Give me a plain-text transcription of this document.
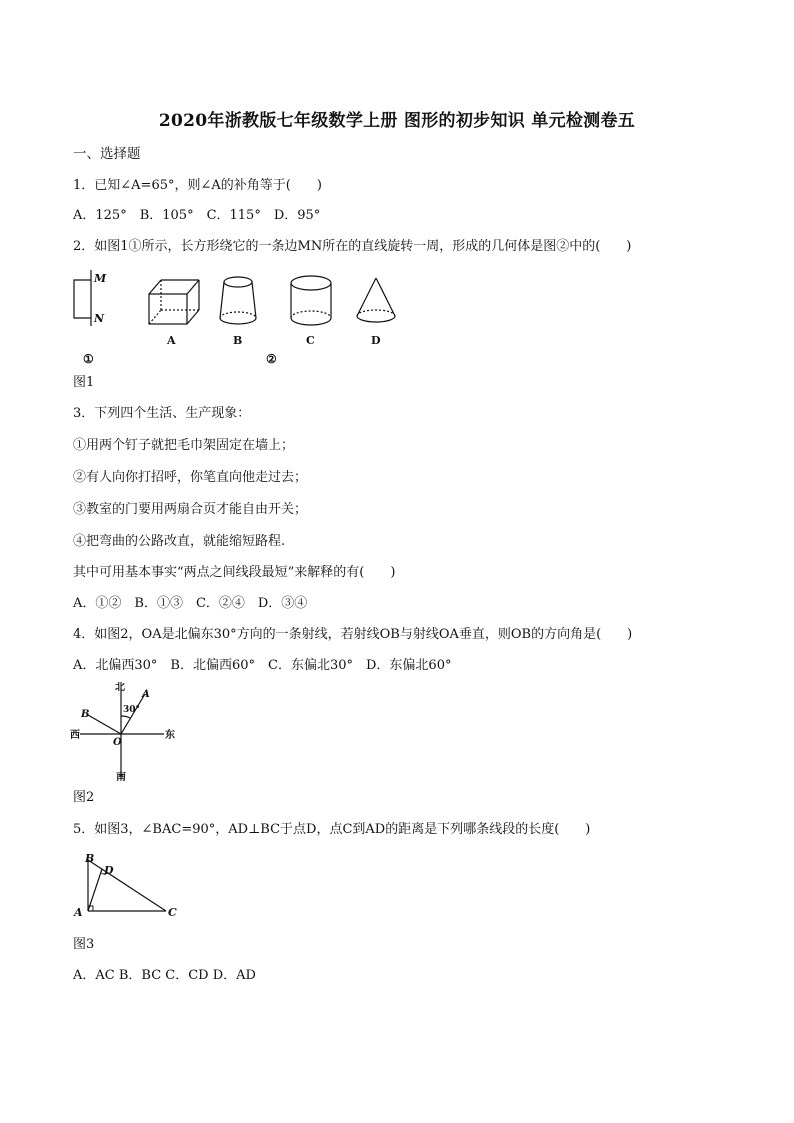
2020年浙教版七年级数学上册 图形的初步知识 单元检测卷五
一、选择题
1．已知∠A=65°，则∠A的补角等于(　　)
A．125°　B．105°　C．115°　D．95°
2．如图1①所示，长方形绕它的一条边MN所在的直线旋转一周，形成的几何体是图②中的(　　)
M
N
A	B	C	D
①	②
图1
3．下列四个生活、生产现象：
①用两个钉子就把毛巾架固定在墙上；
②有人向你打招呼，你笔直向他走过去；
③教室的门要用两扇合页才能自由开关；
④把弯曲的公路改直，就能缩短路程.
其中可用基本事实“两点之间线段最短”来解释的有(　　)
A．①②　B．①③　C．②④　D．③④
4．如图2，OA是北偏东30°方向的一条射线，若射线OB与射线OA垂直，则OB的方向角是(　　)
A．北偏西30°　B．北偏西60°　C．东偏北30°　D．东偏北60°
北
南
东
西
A
B
O
30°
图2
5．如图3，∠BAC=90°，AD⊥BC于点D，点C到AD的距离是下列哪条线段的长度(　　)
B
D
A	C
图3
A．AC B．BC C．CD D．AD
